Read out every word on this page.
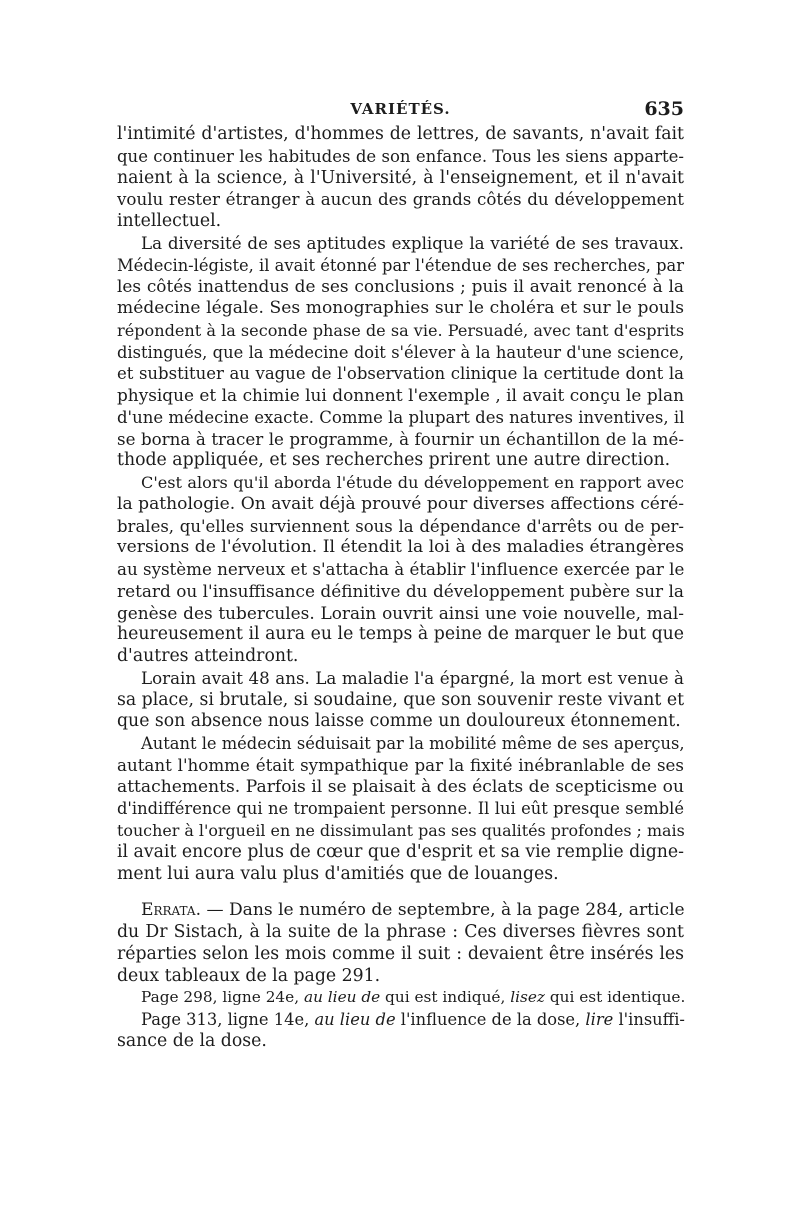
VARIÉTÉS.	635
l'intimité d'artistes, d'hommes de lettres, de savants, n'avait fait
que continuer les habitudes de son enfance. Tous les siens apparte-
naient à la science, à l'Université, à l'enseignement, et il n'avait
voulu rester étranger à aucun des grands côtés du développement
intellectuel.
La diversité de ses aptitudes explique la variété de ses travaux.
Médecin-légiste, il avait étonné par l'étendue de ses recherches, par
les côtés inattendus de ses conclusions ; puis il avait renoncé à la
médecine légale. Ses monographies sur le choléra et sur le pouls
répondent à la seconde phase de sa vie. Persuadé, avec tant d'esprits
distingués, que la médecine doit s'élever à la hauteur d'une science,
et substituer au vague de l'observation clinique la certitude dont la
physique et la chimie lui donnent l'exemple , il avait conçu le plan
d'une médecine exacte. Comme la plupart des natures inventives, il
se borna à tracer le programme, à fournir un échantillon de la mé-
thode appliquée, et ses recherches prirent une autre direction.
C'est alors qu'il aborda l'étude du développement en rapport avec
la pathologie. On avait déjà prouvé pour diverses affections céré-
brales, qu'elles surviennent sous la dépendance d'arrêts ou de per-
versions de l'évolution. Il étendit la loi à des maladies étrangères
au système nerveux et s'attacha à établir l'influence exercée par le
retard ou l'insuffisance définitive du développement pubère sur la
genèse des tubercules. Lorain ouvrit ainsi une voie nouvelle, mal-
heureusement il aura eu le temps à peine de marquer le but que
d'autres atteindront.
Lorain avait 48 ans. La maladie l'a épargné, la mort est venue à
sa place, si brutale, si soudaine, que son souvenir reste vivant et
que son absence nous laisse comme un douloureux étonnement.
Autant le médecin séduisait par la mobilité même de ses aperçus,
autant l'homme était sympathique par la fixité inébranlable de ses
attachements. Parfois il se plaisait à des éclats de scepticisme ou
d'indifférence qui ne trompaient personne. Il lui eût presque semblé
toucher à l'orgueil en ne dissimulant pas ses qualités profondes ; mais
il avait encore plus de cœur que d'esprit et sa vie remplie digne-
ment lui aura valu plus d'amitiés que de louanges.
Errata. — Dans le numéro de septembre, à la page 284, article
du Dr Sistach, à la suite de la phrase : Ces diverses fièvres sont
réparties selon les mois comme il suit : devaient être insérés les
deux tableaux de la page 291.
Page 298, ligne 24e, au lieu de qui est indiqué, lisez qui est identique.
Page 313, ligne 14e, au lieu de l'influence de la dose, lire l'insuffi-
sance de la dose.
